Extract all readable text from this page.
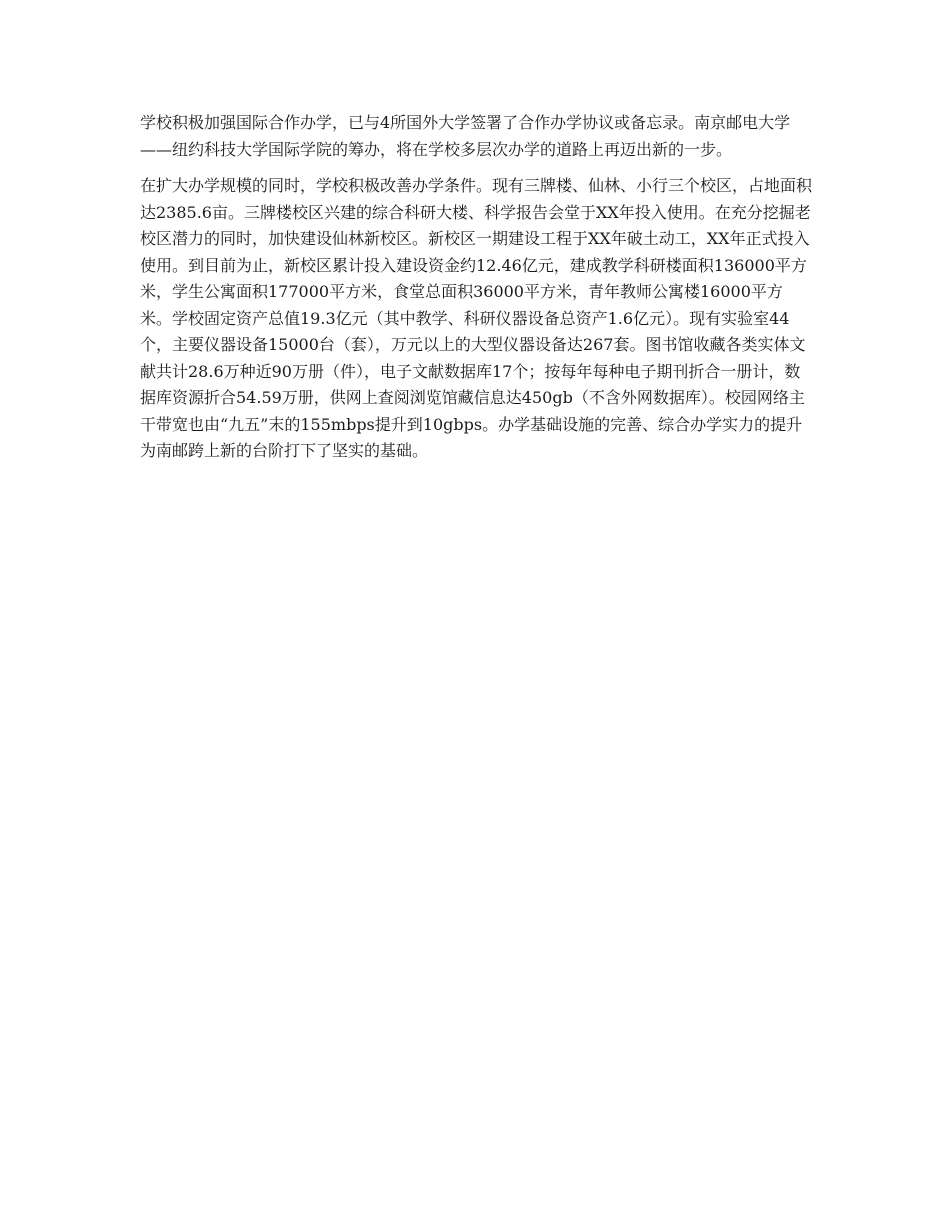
学校积极加强国际合作办学，已与4所国外大学签署了合作办学协议或备忘录。南京邮电大学——纽约科技大学国际学院的筹办，将在学校多层次办学的道路上再迈出新的一步。

在扩大办学规模的同时，学校积极改善办学条件。现有三牌楼、仙林、小行三个校区，占地面积达2385.6亩。三牌楼校区兴建的综合科研大楼、科学报告会堂于XX年投入使用。在充分挖掘老校区潜力的同时，加快建设仙林新校区。新校区一期建设工程于XX年破土动工，XX年正式投入使用。到目前为止，新校区累计投入建设资金约12.46亿元，建成教学科研楼面积136000平方米，学生公寓面积177000平方米，食堂总面积36000平方米，青年教师公寓楼16000平方米。学校固定资产总值19.3亿元（其中教学、科研仪器设备总资产1.6亿元）。现有实验室44个，主要仪器设备15000台（套），万元以上的大型仪器设备达267套。图书馆收藏各类实体文献共计28.6万种近90万册（件），电子文献数据库17个；按每年每种电子期刊折合一册计，数据库资源折合54.59万册，供网上查阅浏览馆藏信息达450gb（不含外网数据库）。校园网络主干带宽也由“九五”末的155mbps提升到10gbps。办学基础设施的完善、综合办学实力的提升为南邮跨上新的台阶打下了坚实的基础。
